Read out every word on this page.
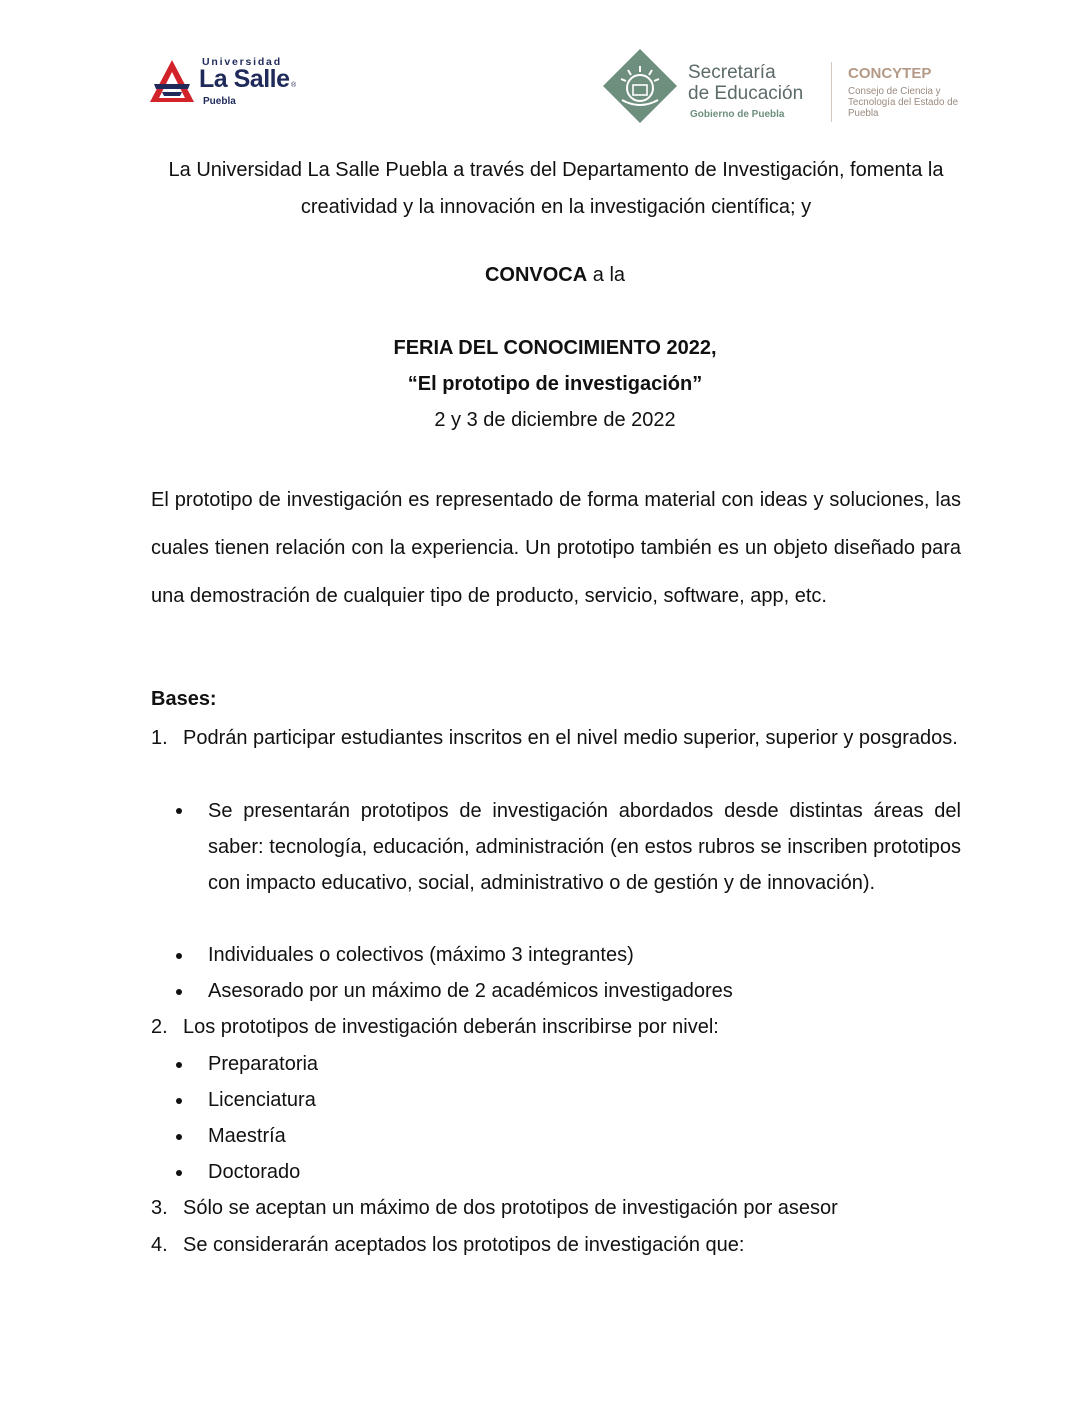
Universidad
La Salle ®
Puebla
Secretaría
de Educación
Gobierno de Puebla
CONCYTEP
Consejo de Ciencia y Tecnología del Estado de Puebla
La Universidad La Salle Puebla a través del Departamento de Investigación, fomenta la creatividad y la innovación en la investigación científica; y
CONVOCA a la
FERIA DEL CONOCIMIENTO 2022,
“El prototipo de investigación”
2 y 3 de diciembre de 2022
El prototipo de investigación es representado de forma material con ideas y soluciones, las cuales tienen relación con la experiencia. Un prototipo también es un objeto diseñado para una demostración de cualquier tipo de producto, servicio, software, app, etc.
Bases:
1. Podrán participar estudiantes inscritos en el nivel medio superior, superior y posgrados.
Se presentarán prototipos de investigación abordados desde distintas áreas del saber: tecnología, educación, administración (en estos rubros se inscriben prototipos con impacto educativo, social, administrativo o de gestión y de innovación).
Individuales o colectivos (máximo 3 integrantes)
Asesorado por un máximo de 2 académicos investigadores
2. Los prototipos de investigación deberán inscribirse por nivel:
Preparatoria
Licenciatura
Maestría
Doctorado
3. Sólo se aceptan un máximo de dos prototipos de investigación por asesor
4. Se considerarán aceptados los prototipos de investigación que:
